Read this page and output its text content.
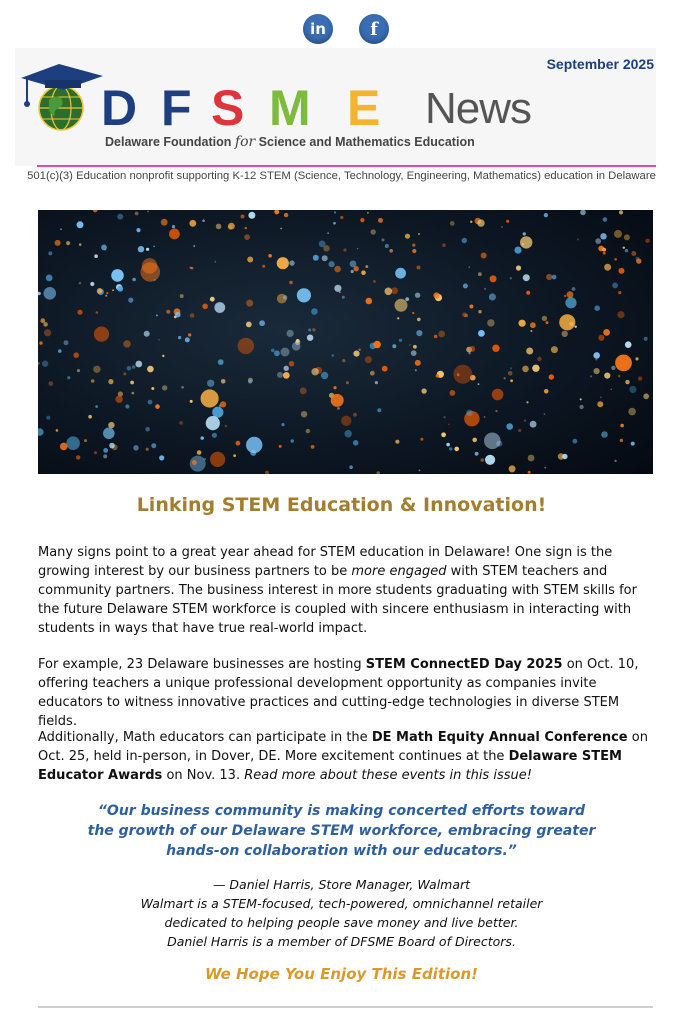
in	f
September 2025
D F S M E News
Delaware Foundation for Science and Mathematics Education
501(c)(3) Education nonprofit supporting K-12 STEM (Science, Technology, Engineering, Mathematics) education in Delaware
Linking STEM Education & Innovation!
Many signs point to a great year ahead for STEM education in Delaware! One sign is the growing interest by our business partners to be more engaged with STEM teachers and community partners. The business interest in more students graduating with STEM skills for the future Delaware STEM workforce is coupled with sincere enthusiasm in interacting with students in ways that have true real-world impact.
For example, 23 Delaware businesses are hosting STEM ConnectED Day 2025 on Oct. 10, offering teachers a unique professional development opportunity as companies invite educators to witness innovative practices and cutting-edge technologies in diverse STEM fields.
Additionally, Math educators can participate in the DE Math Equity Annual Conference on Oct. 25, held in-person, in Dover, DE. More excitement continues at the Delaware STEM Educator Awards on Nov. 13. Read more about these events in this issue!
“Our business community is making concerted efforts toward
the growth of our Delaware STEM workforce, embracing greater
hands-on collaboration with our educators.”
— Daniel Harris, Store Manager, Walmart
Walmart is a STEM-focused, tech-powered, omnichannel retailer
dedicated to helping people save money and live better.
Daniel Harris is a member of DFSME Board of Directors.
We Hope You Enjoy This Edition!
